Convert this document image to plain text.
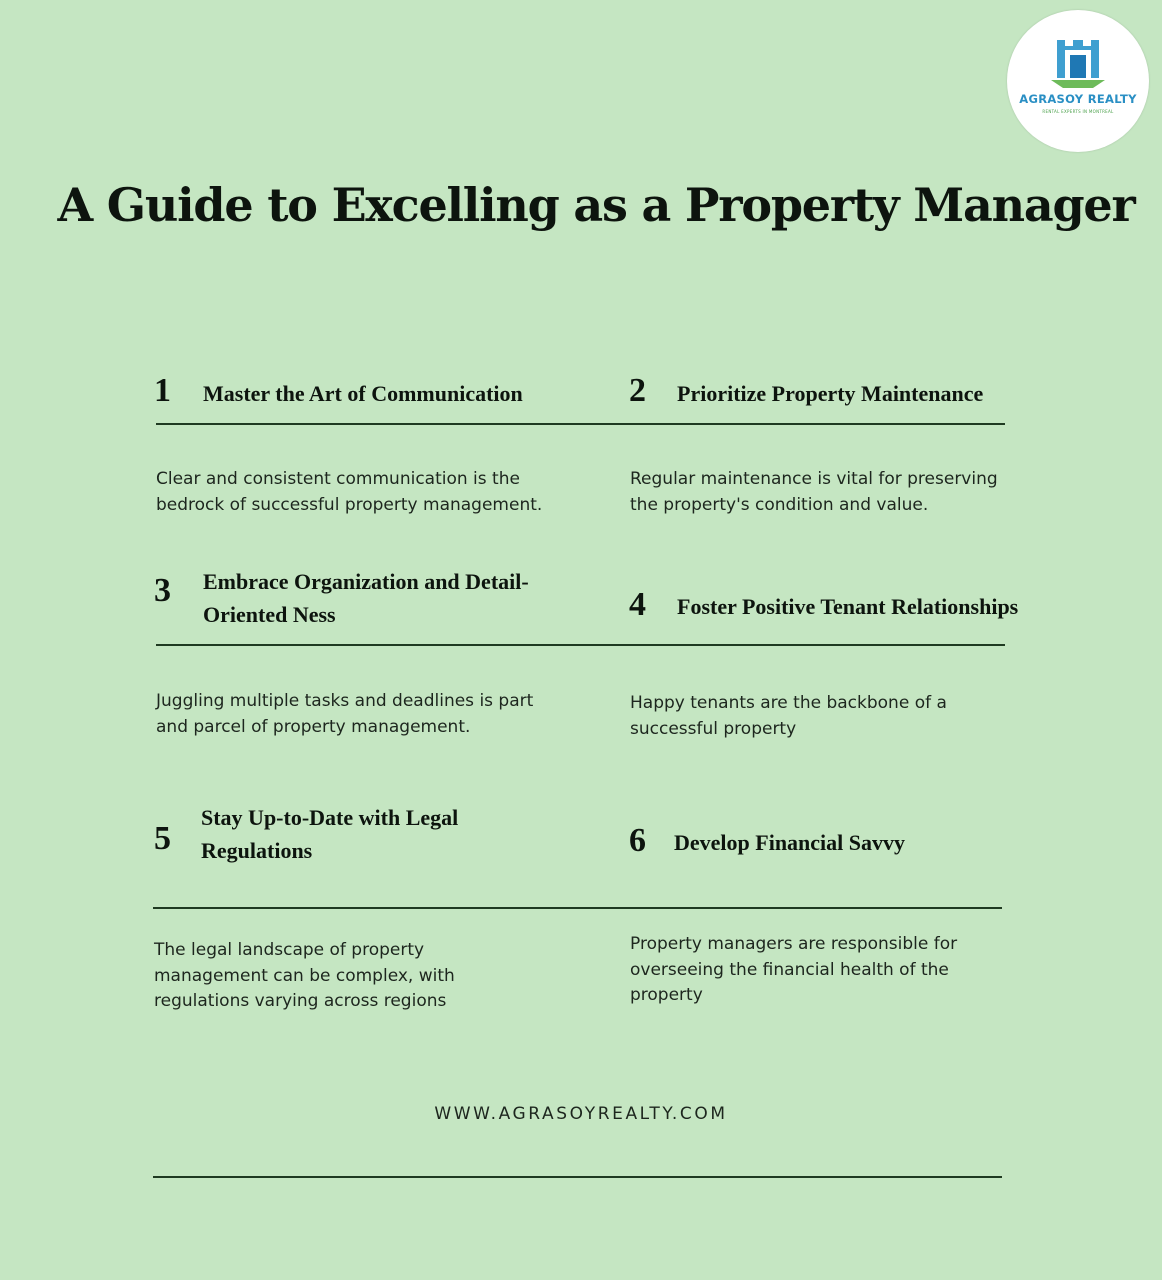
AGRASOY REALTY
RENTAL EXPERTS IN MONTREAL
A Guide to Excelling as a Property Manager
1 Master the Art of Communication
Clear and consistent communication is the bedrock of successful property management.
2 Prioritize Property Maintenance
Regular maintenance is vital for preserving the property's condition and value.
3 Embrace Organization and Detail-Oriented Ness
Juggling multiple tasks and deadlines is part and parcel of property management.
4 Foster Positive Tenant Relationships
Happy tenants are the backbone of a successful property
5
Stay Up-to-Date with Legal Regulations
The legal landscape of property management can be complex, with regulations varying across regions
6 Develop Financial Savvy
Property managers are responsible for overseeing the financial health of the property
WWW.AGRASOYREALTY.COM
